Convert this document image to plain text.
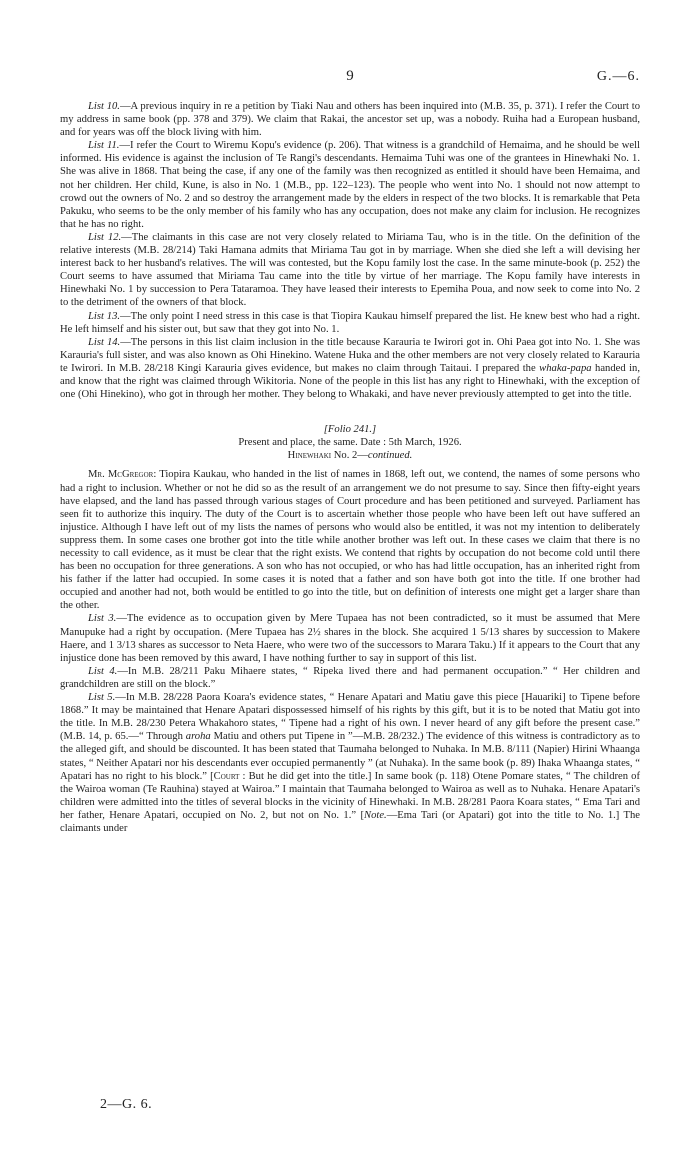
9	G.—6.

List 10.—A previous inquiry in re a petition by Tiaki Nau and others has been inquired into (M.B. 35, p. 371). I refer the Court to my address in same book (pp. 378 and 379). We claim that Rakai, the ancestor set up, was a nobody. Ruiha had a European husband, and for years was off the block living with him.

List 11.—I refer the Court to Wiremu Kopu's evidence (p. 206). That witness is a grandchild of Hemaima, and he should be well informed. His evidence is against the inclusion of Te Rangi's descendants. Hemaima Tuhi was one of the grantees in Hinewhaki No. 1. She was alive in 1868. That being the case, if any one of the family was then recognized as entitled it should have been Hemaima, and not her children. Her child, Kune, is also in No. 1 (M.B., pp. 122–123). The people who went into No. 1 should not now attempt to crowd out the owners of No. 2 and so destroy the arrangement made by the elders in respect of the two blocks. It is remarkable that Peta Pakuku, who seems to be the only member of his family who has any occupation, does not make any claim for inclusion. He recognizes that he has no right.

List 12.—The claimants in this case are not very closely related to Miriama Tau, who is in the title. On the definition of the relative interests (M.B. 28/214) Taki Hamana admits that Miriama Tau got in by marriage. When she died she left a will devising her interest back to her husband's relatives. The will was contested, but the Kopu family lost the case. In the same minute-book (p. 252) the Court seems to have assumed that Miriama Tau came into the title by virtue of her marriage. The Kopu family have interests in Hinewhaki No. 1 by succession to Pera Tataramoa. They have leased their interests to Epemiha Poua, and now seek to come into No. 2 to the detriment of the owners of that block.

List 13.—The only point I need stress in this case is that Tiopira Kaukau himself prepared the list. He knew best who had a right. He left himself and his sister out, but saw that they got into No. 1.

List 14.—The persons in this list claim inclusion in the title because Karauria te Iwirori got in. Ohi Paea got into No. 1. She was Karauria's full sister, and was also known as Ohi Hinekino. Watene Huka and the other members are not very closely related to Karauria te Iwirori. In M.B. 28/218 Kingi Karauria gives evidence, but makes no claim through Taitaui. I prepared the whaka-papa handed in, and know that the right was claimed through Wikitoria. None of the people in this list has any right to Hinewhaki, with the exception of one (Ohi Hinekino), who got in through her mother. They belong to Whakaki, and have never previously attempted to get into the title.

[Folio 241.]

Present and place, the same. Date : 5th March, 1926.

Hinewhaki No. 2—continued.

Mr. McGregor: Tiopira Kaukau, who handed in the list of names in 1868, left out, we contend, the names of some persons who had a right to inclusion. Whether or not he did so as the result of an arrangement we do not presume to say. Since then fifty-eight years have elapsed, and the land has passed through various stages of Court procedure and has been petitioned and surveyed. Parliament has seen fit to authorize this inquiry. The duty of the Court is to ascertain whether those people who have been left out have suffered an injustice. Although I have left out of my lists the names of persons who would also be entitled, it was not my intention to deliberately suppress them. In some cases one brother got into the title while another brother was left out. In these cases we claim that there is no necessity to call evidence, as it must be clear that the right exists. We contend that rights by occupation do not become cold until there has been no occupation for three generations. A son who has not occupied, or who has had little occupation, has an inherited right from his father if the latter had occupied. In some cases it is noted that a father and son have both got into the title. If one brother had occupied and another had not, both would be entitled to go into the title, but on definition of interests one might get a larger share than the other.

List 3.—The evidence as to occupation given by Mere Tupaea has not been contradicted, so it must be assumed that Mere Manupuke had a right by occupation. (Mere Tupaea has 2½ shares in the block. She acquired 1 5/13 shares by succession to Makere Haere, and 1 3/13 shares as successor to Neta Haere, who were two of the successors to Marara Taku.) If it appears to the Court that any injustice done has been removed by this award, I have nothing further to say in support of this list.

List 4.—In M.B. 28/211 Paku Mihaere states, “ Ripeka lived there and had permanent occupation.” “ Her children and grandchildren are still on the block.”

List 5.—In M.B. 28/228 Paora Koara's evidence states, “ Henare Apatari and Matiu gave this piece [Hauariki] to Tipene before 1868.” It may be maintained that Henare Apatari dispossessed himself of his rights by this gift, but it is to be noted that Matiu got into the title. In M.B. 28/230 Petera Whakahoro states, “ Tipene had a right of his own. I never heard of any gift before the present case.” (M.B. 14, p. 65.—“ Through aroha Matiu and others put Tipene in ”—M.B. 28/232.) The evidence of this witness is contradictory as to the alleged gift, and should be discounted. It has been stated that Taumaha belonged to Nuhaka. In M.B. 8/111 (Napier) Hirini Whaanga states, “ Neither Apatari nor his descendants ever occupied permanently ” (at Nuhaka). In the same book (p. 89) Ihaka Whaanga states, “ Apatari has no right to his block.” [Court : But he did get into the title.] In same book (p. 118) Otene Pomare states, “ The children of the Wairoa woman (Te Rauhina) stayed at Wairoa.” I maintain that Taumaha belonged to Wairoa as well as to Nuhaka. Henare Apatari's children were admitted into the titles of several blocks in the vicinity of Hinewhaki. In M.B. 28/281 Paora Koara states, “ Ema Tari and her father, Henare Apatari, occupied on No. 2, but not on No. 1.” [Note.—Ema Tari (or Apatari) got into the title to No. 1.] The claimants under

2—G. 6.
